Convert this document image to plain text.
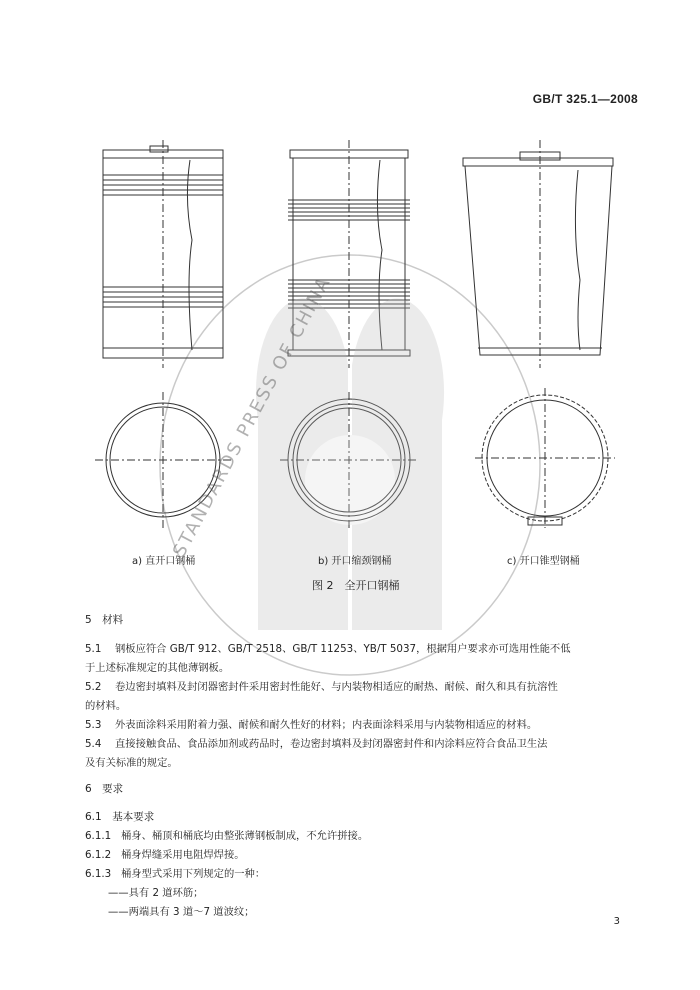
GB/T 325.1—2008
STANDARDS PRESS OF CHINA
a) 直开口钢桶	b) 开口缩颈钢桶	c) 开口锥型钢桶
图 2　全开口钢桶
5　材料
5.1 钢板应符合 GB/T 912、GB/T 2518、GB/T 11253、YB/T 5037，根据用户要求亦可选用性能不低
于上述标准规定的其他薄钢板。
5.2 卷边密封填料及封闭器密封件采用密封性能好、与内装物相适应的耐热、耐候、耐久和具有抗溶性
的材料。
5.3 外表面涂料采用附着力强、耐候和耐久性好的材料；内表面涂料采用与内装物相适应的材料。
5.4 直接接触食品、食品添加剂或药品时，卷边密封填料及封闭器密封件和内涂料应符合食品卫生法
及有关标准的规定。
6　要求
6.1　基本要求
6.1.1 桶身、桶顶和桶底均由整张薄钢板制成，不允许拼接。
6.1.2 桶身焊缝采用电阻焊焊接。
6.1.3 桶身型式采用下列规定的一种：
——具有 2 道环筋；
——两端具有 3 道～7 道波纹；
3
